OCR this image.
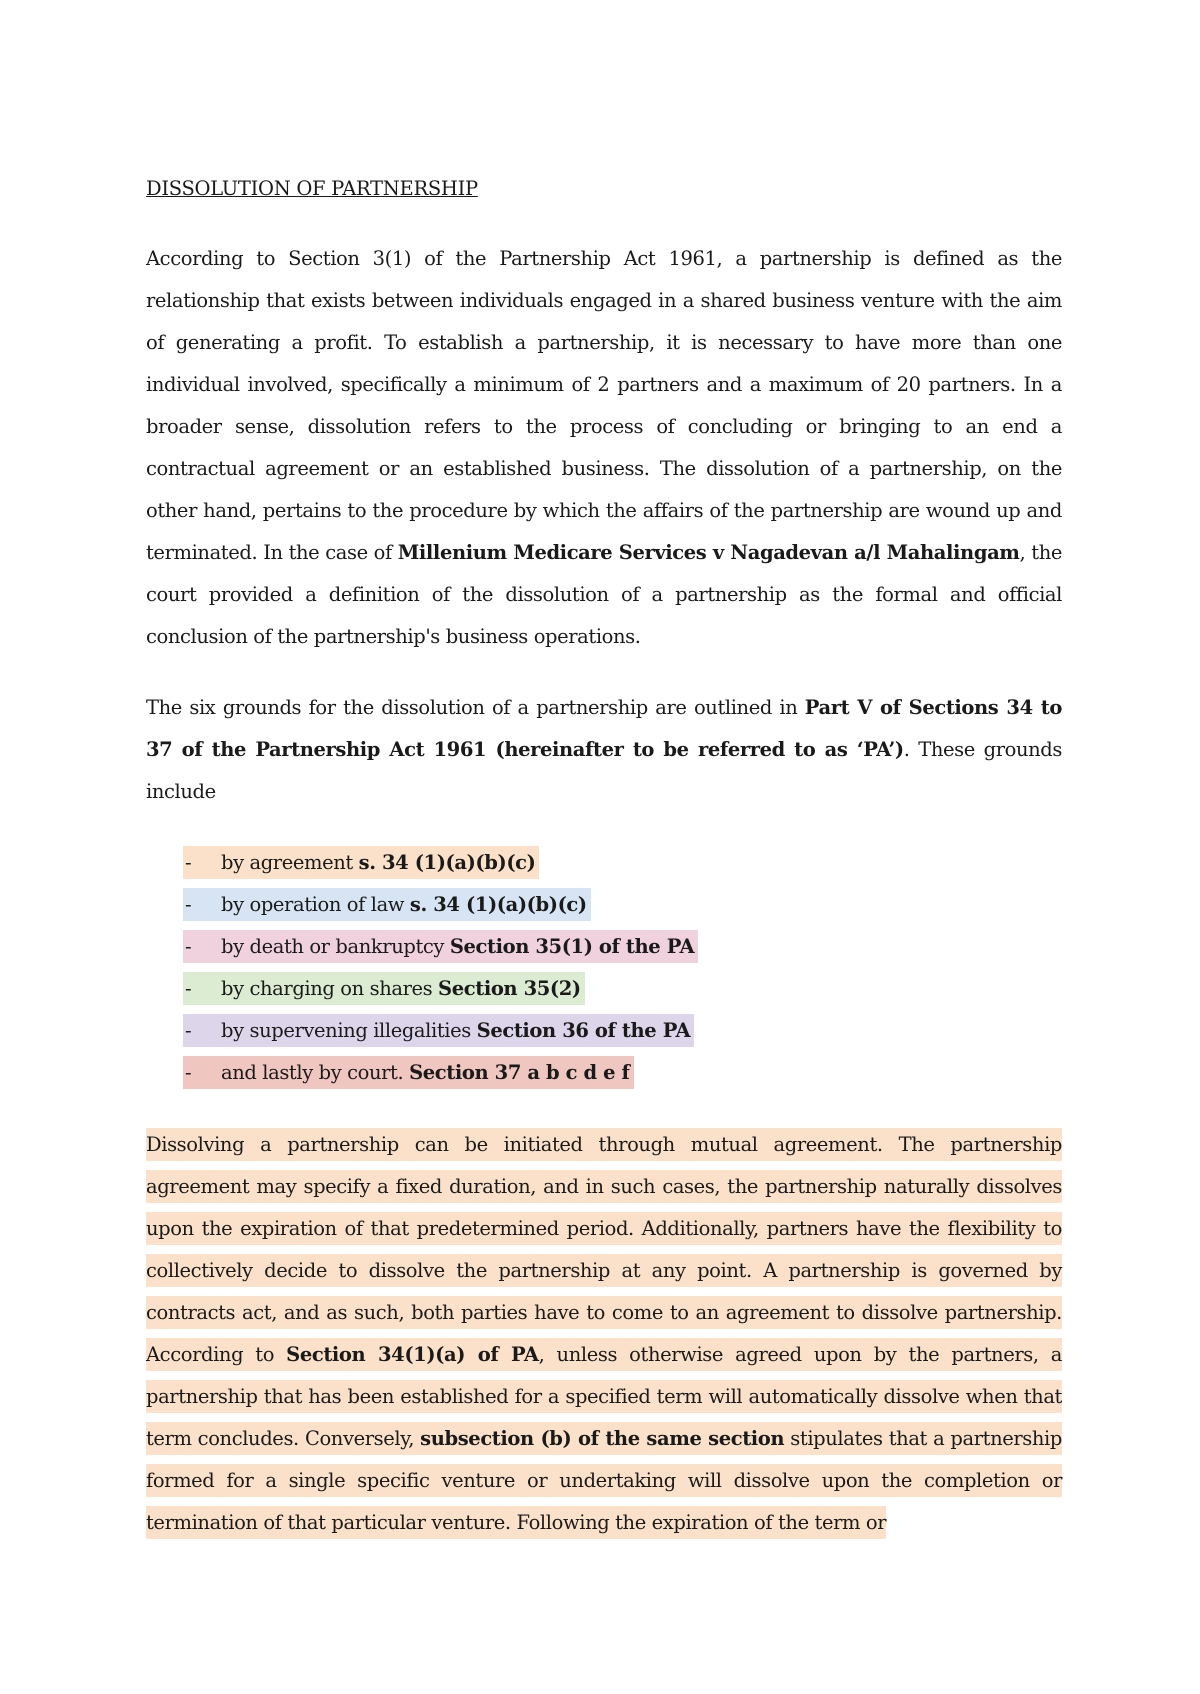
DISSOLUTION OF PARTNERSHIP

According to Section 3(1) of the Partnership Act 1961, a partnership is defined as the relationship that exists between individuals engaged in a shared business venture with the aim of generating a profit. To establish a partnership, it is necessary to have more than one individual involved, specifically a minimum of 2 partners and a maximum of 20 partners. In a broader sense, dissolution refers to the process of concluding or bringing to an end a contractual agreement or an established business. The dissolution of a partnership, on the other hand, pertains to the procedure by which the affairs of the partnership are wound up and terminated. In the case of Millenium Medicare Services v Nagadevan a/l Mahalingam, the court provided a definition of the dissolution of a partnership as the formal and official conclusion of the partnership's business operations.

The six grounds for the dissolution of a partnership are outlined in Part V of Sections 34 to 37 of the Partnership Act 1961 (hereinafter to be referred to as ‘PA’). These grounds include

- by agreement s. 34 (1)(a)(b)(c)
- by operation of law s. 34 (1)(a)(b)(c)
- by death or bankruptcy Section 35(1) of the PA
- by charging on shares Section 35(2)
- by supervening illegalities Section 36 of the PA
- and lastly by court. Section 37 a b c d e f

Dissolving a partnership can be initiated through mutual agreement. The partnership agreement may specify a fixed duration, and in such cases, the partnership naturally dissolves upon the expiration of that predetermined period. Additionally, partners have the flexibility to collectively decide to dissolve the partnership at any point. A partnership is governed by contracts act, and as such, both parties have to come to an agreement to dissolve partnership. According to Section 34(1)(a) of PA, unless otherwise agreed upon by the partners, a partnership that has been established for a specified term will automatically dissolve when that term concludes. Conversely, subsection (b) of the same section stipulates that a partnership formed for a single specific venture or undertaking will dissolve upon the completion or termination of that particular venture. Following the expiration of the term or
